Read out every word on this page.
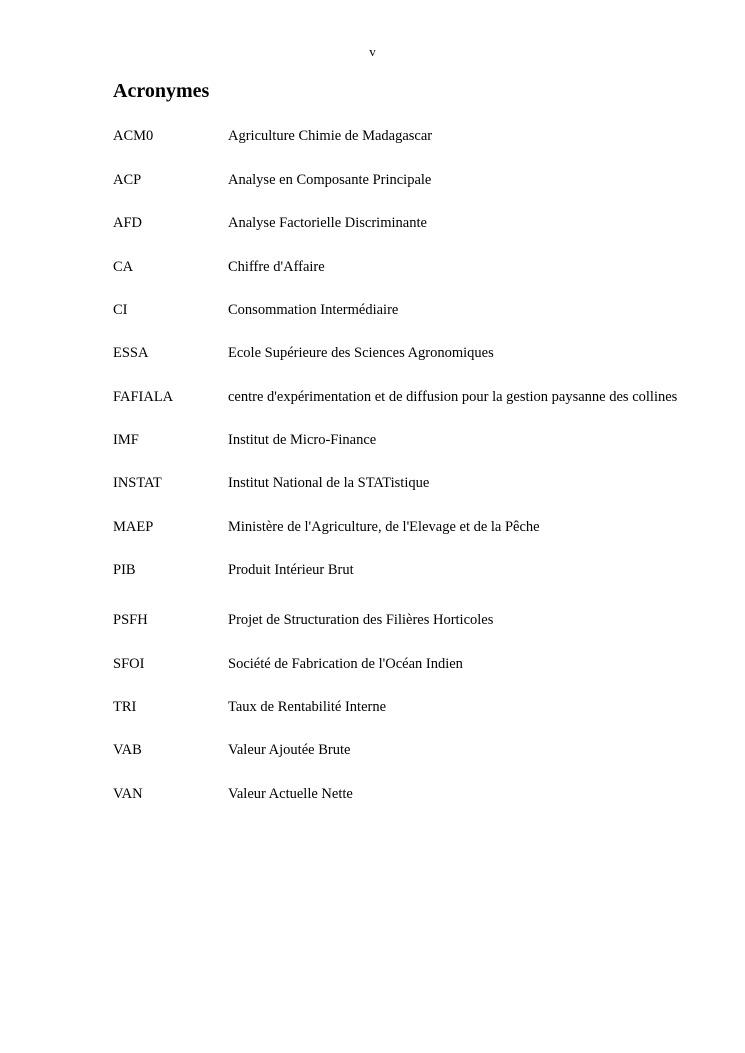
v
Acronymes
ACM0	Agriculture Chimie de Madagascar
ACP	Analyse en Composante Principale
AFD	Analyse Factorielle Discriminante
CA	Chiffre d'Affaire
CI	Consommation Intermédiaire
ESSA	Ecole Supérieure des Sciences Agronomiques
FAFIALA	centre d'expérimentation et de diffusion pour la gestion paysanne des collines
IMF	Institut de Micro-Finance
INSTAT	Institut National de la STATistique
MAEP	Ministère de l'Agriculture, de l'Elevage et de la Pêche
PIB	Produit Intérieur Brut
PSFH	Projet de Structuration des Filières Horticoles
SFOI	Société de Fabrication de l'Océan Indien
TRI	Taux de Rentabilité Interne
VAB	Valeur Ajoutée Brute
VAN	Valeur Actuelle Nette
